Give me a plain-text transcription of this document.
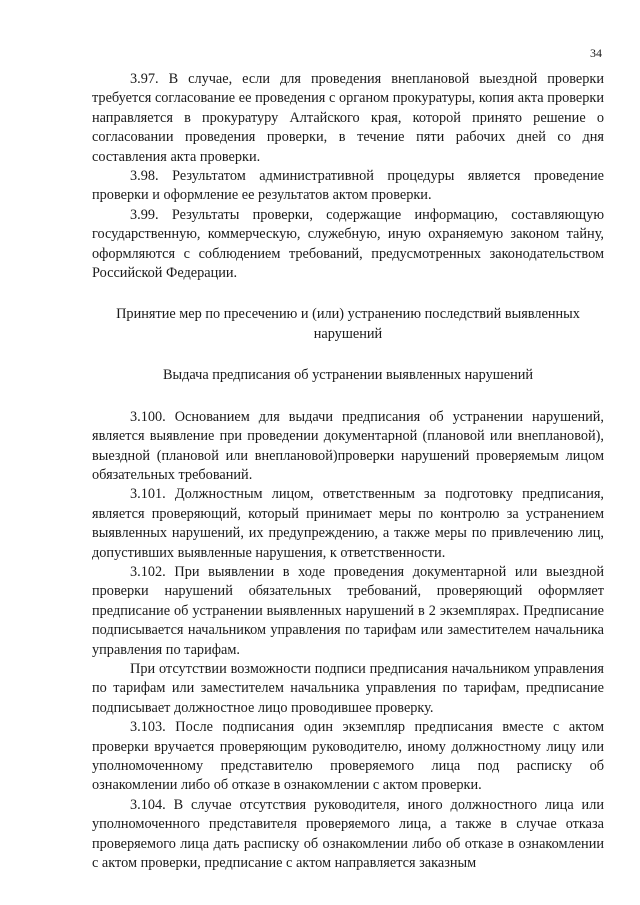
34

3.97. В случае, если для проведения внеплановой выездной проверки требуется согласование ее проведения с органом прокуратуры, копия акта проверки направляется в прокуратуру Алтайского края, которой принято решение о согласовании проведения проверки, в течение пяти рабочих дней со дня составления акта проверки.

3.98. Результатом административной процедуры является проведение проверки и оформление ее результатов актом проверки.

3.99. Результаты проверки, содержащие информацию, составляющую государственную, коммерческую, служебную, иную охраняемую законом тайну, оформляются с соблюдением требований, предусмотренных законодательством Российской Федерации.

Принятие мер по пресечению и (или) устранению последствий выявленных нарушений

Выдача предписания об устранении выявленных нарушений

3.100. Основанием для выдачи предписания об устранении нарушений, является выявление при проведении документарной (плановой или внеплановой), выездной (плановой или внеплановой)проверки нарушений проверяемым лицом обязательных требований.

3.101. Должностным лицом, ответственным за подготовку предписания, является проверяющий, который принимает меры по контролю за устранением выявленных нарушений, их предупреждению, а также меры по привлечению лиц, допустивших выявленные нарушения, к ответственности.

3.102. При выявлении в ходе проведения документарной или выездной проверки нарушений обязательных требований, проверяющий оформляет предписание об устранении выявленных нарушений в 2 экземплярах. Предписание подписывается начальником управления по тарифам или заместителем начальника управления по тарифам.

При отсутствии возможности подписи предписания начальником управления по тарифам или заместителем начальника управления по тарифам, предписание подписывает должностное лицо проводившее проверку.

3.103. После подписания один экземпляр предписания вместе с актом проверки вручается проверяющим руководителю, иному должностному лицу или уполномоченному представителю проверяемого лица под расписку об ознакомлении либо об отказе в ознакомлении с актом проверки.

3.104. В случае отсутствия руководителя, иного должностного лица или уполномоченного представителя проверяемого лица, а также в случае отказа проверяемого лица дать расписку об ознакомлении либо об отказе в ознакомлении с актом проверки, предписание с актом направляется заказным
